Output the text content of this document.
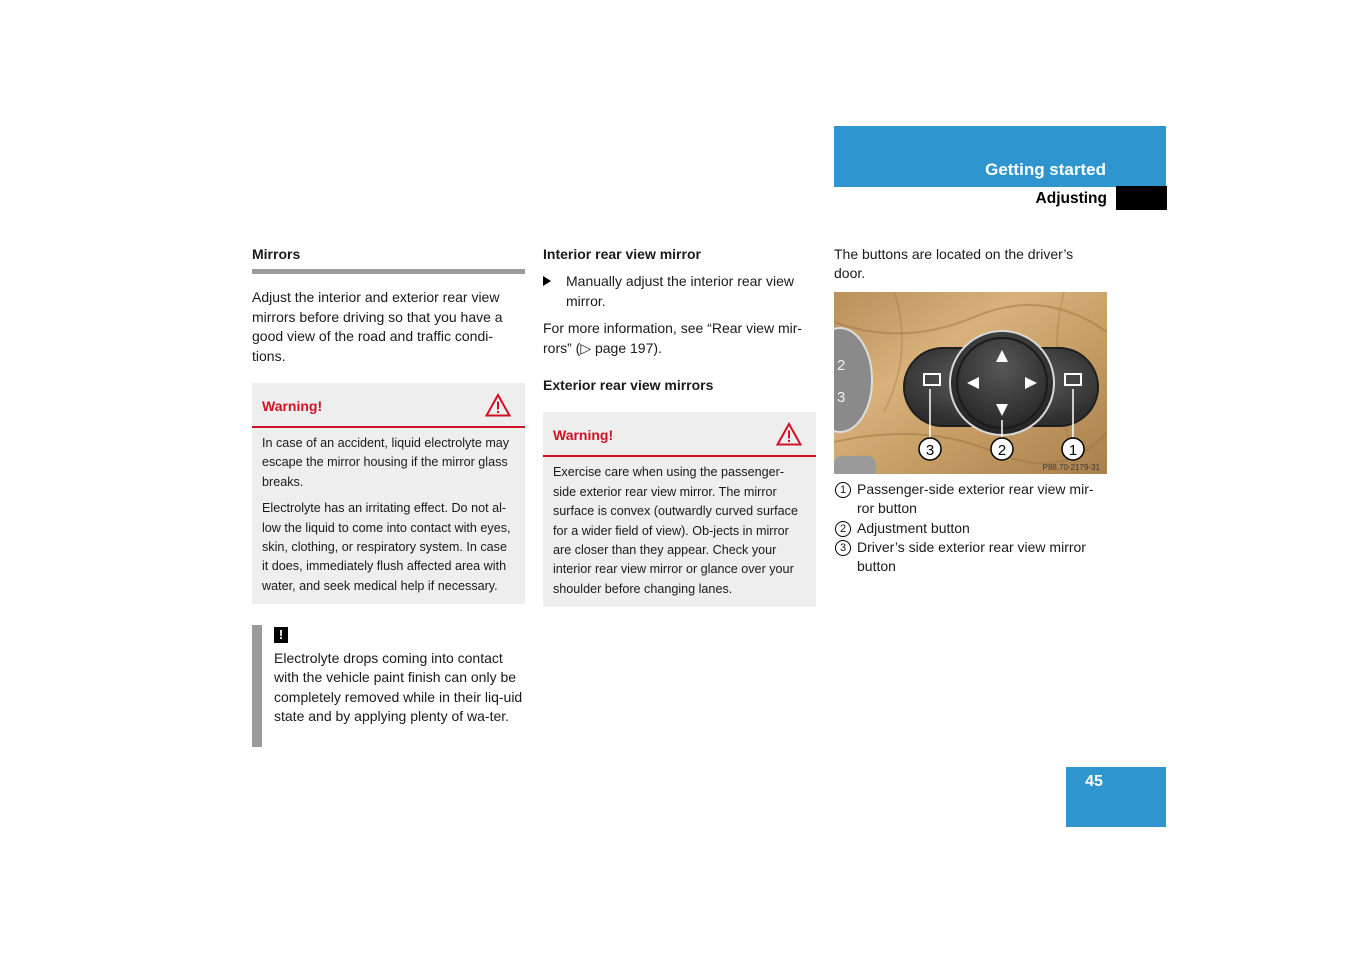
Getting started
Adjusting
Mirrors

Adjust the interior and exterior rear view mirrors before driving so that you have a good view of the road and traffic condi-tions.

Warning!

In case of an accident, liquid electrolyte may escape the mirror housing if the mirror glass breaks.

Electrolyte has an irritating effect. Do not al-low the liquid to come into contact with eyes, skin, clothing, or respiratory system. In case it does, immediately flush affected area with water, and seek medical help if necessary.

!

Electrolyte drops coming into contact with the vehicle paint finish can only be completely removed while in their liq-uid state and by applying plenty of wa-ter.

Interior rear view mirror
Manually adjust the interior rear view mirror.

For more information, see “Rear view mir-rors” (▷ page 197).

Exterior rear view mirrors
Warning!

Exercise care when using the passenger-side exterior rear view mirror. The mirror surface is convex (outwardly curved surface for a wider field of view). Ob-jects in mirror are closer than they appear. Check your interior rear view mirror or glance over your shoulder before changing lanes.

The buttons are located on the driver’s door.

2
3
3	2	1
P88.70-2179-31
1 Passenger-side exterior rear view mir-ror button
2 Adjustment button
3 Driver’s side exterior rear view mirror button
45
